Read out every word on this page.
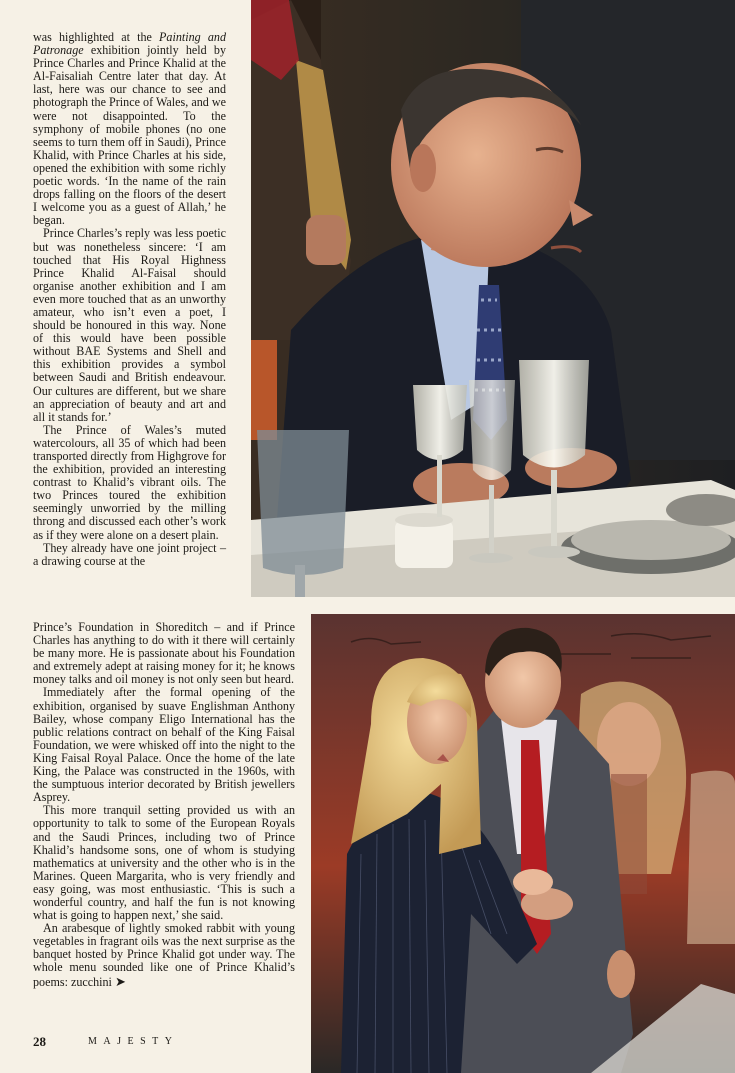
was highlighted at the Painting and Patronage exhibition jointly held by Prince Charles and Prince Khalid at the Al-Faisaliah Centre later that day. At last, here was our chance to see and photograph the Prince of Wales, and we were not disappointed. To the symphony of mobile phones (no one seems to turn them off in Saudi), Prince Khalid, with Prince Charles at his side, opened the exhibition with some richly poetic words. ‘In the name of the rain drops falling on the floors of the desert I welcome you as a guest of Allah,’ he began.

Prince Charles’s reply was less poetic but was nonetheless sincere: ‘I am touched that His Royal Highness Prince Khalid Al-Faisal should organise another exhibition and I am even more touched that as an unworthy amateur, who isn’t even a poet, I should be honoured in this way. None of this would have been possible without BAE Systems and Shell and this exhibition provides a symbol between Saudi and British endeavour. Our cultures are different, but we share an appreciation of beauty and art and all it stands for.’

The Prince of Wales’s muted watercolours, all 35 of which had been transported directly from Highgrove for the exhibition, provided an interesting contrast to Khalid’s vibrant oils. The two Princes toured the exhibition seemingly unworried by the milling throng and discussed each other’s work as if they were alone on a desert plain.

They already have one joint project – a drawing course at the

Prince’s Foundation in Shoreditch – and if Prince Charles has anything to do with it there will certainly be many more. He is passionate about his Foundation and extremely adept at raising money for it; he knows money talks and oil money is not only seen but heard.

Immediately after the formal opening of the exhibition, organised by suave Englishman Anthony Bailey, whose company Eligo International has the public relations contract on behalf of the King Faisal Foundation, we were whisked off into the night to the King Faisal Royal Palace. Once the home of the late King, the Palace was constructed in the 1960s, with the sumptuous interior decorated by British jewellers Asprey.

This more tranquil setting provided us with an opportunity to talk to some of the European Royals and the Saudi Princes, including two of Prince Khalid’s handsome sons, one of whom is studying mathematics at university and the other who is in the Marines. Queen Margarita, who is very friendly and easy going, was most enthusiastic. ‘This is such a wonderful country, and half the fun is not knowing what is going to happen next,’ she said.

An arabesque of lightly smoked rabbit with young vegetables in fragrant oils was the next surprise as the banquet hosted by Prince Khalid got under way. The whole menu sounded like one of Prince Khalid’s poems: zucchini ➤

28	MAJESTY
